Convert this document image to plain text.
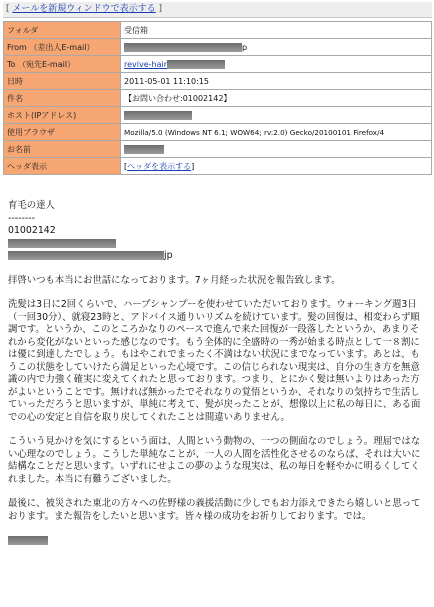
[ メールを新規ウィンドウで表示する ]
フォルダ	受信箱
From （差出人E-mail）	p
To （宛先E-mail）	revive-hair
日時	2011-05-01 11:10:15
件名	【お問い合わせ:01002142】
ホスト(IPアドレス)	
使用ブラウザ	Mozilla/5.0 (Windows NT 6.1; WOW64; rv:2.0) Gecko/20100101 Firefox/4
お名前	
ヘッダ表示	[ヘッダを表示する]

育毛の達人

--------

01002142

jp

拝啓いつも本当にお世話になっております。7ヶ月経った状況を報告致します。

洗髪は3日に2回くらいで、ハーブシャンプーを使わせていただいております。ウォーキング週3日（一回30分）、就寝23時と、アドバイス通りいリズムを続けています。髪の回復は、相変わらず順調です。というか、このところかなりのペースで進んで来た回復が一段落したというか、あまりそれから変化がないといった感じなのです。もう全体的に全盛時の一秀が始まる時点として一８割には優に到達したでしょう。もはやこれでまったく不満はない状況にまでなっています。あとは、もうこの状態をしていけたら満足といった心境です。この信じられない現実は、自分の生き方を無意識の内で力強く確実に変えてくれたと思っております。つまり、とにかく髪は無いよりはあった方がよいということです。無ければ無かったでそれなりの覚悟というか、それなりの気持ちで生活していっただろうと思いますが、単純に考えて、髪が戻ったことが、想像以上に私の毎日に、ある面での心の安定と自信を取り戻してくれたことは間違いありません。

こういう見かけを気にするという面は、人間という動物の、一つの側面なのでしょう。理屈ではない心理なのでしょう。こうした単純なことが、一人の人間を活性化させるのならば、それは大いに結構なことだと思います。いずれにせよこの夢のような現実は、私の毎日を軽やかに明るくしてくれました。本当に有難うございました。

最後に、被災された東北の方々への佐野様の義援活動に少しでもお力添えできたら嬉しいと思っております。また報告をしたいと思います。皆々様の成功をお祈りしております。では。
